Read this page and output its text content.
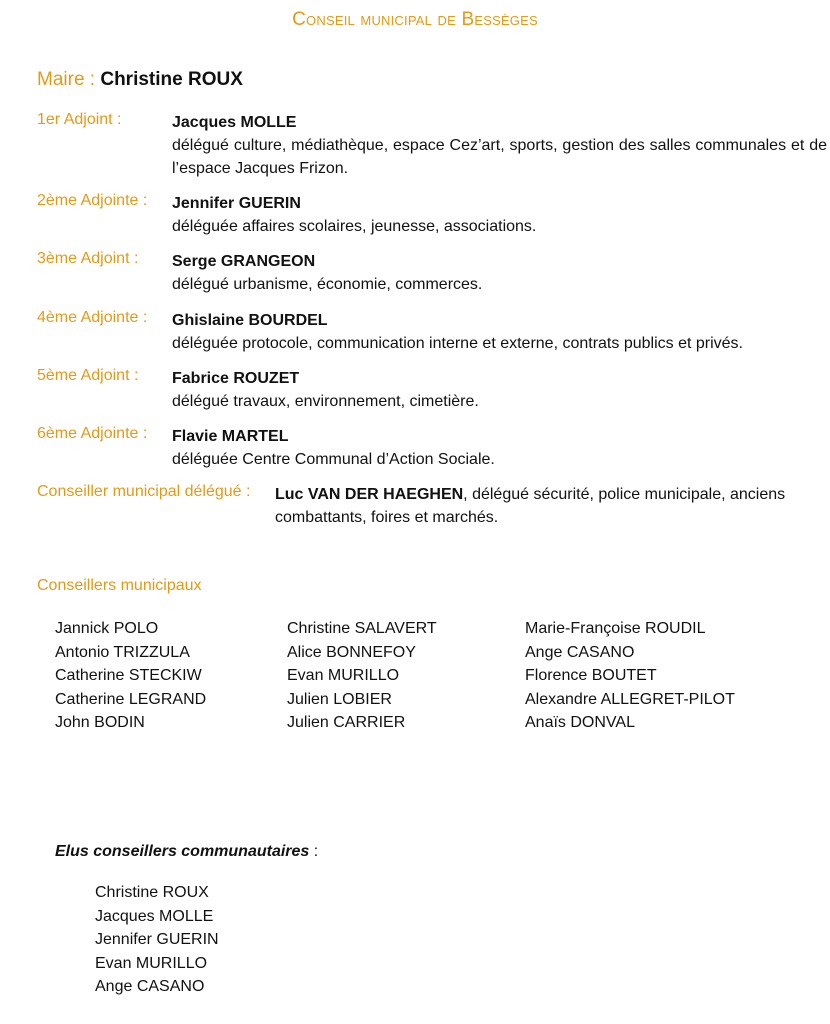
Conseil municipal de Bessèges
Maire : Christine ROUX
1er Adjoint :	Jacques MOLLE
délégué culture, médiathèque, espace Cez’art, sports, gestion des salles communales et de l’espace Jacques Frizon.
2ème Adjointe : Jennifer GUERIN
déléguée affaires scolaires, jeunesse, associations.
3ème Adjoint : Serge GRANGEON
délégué urbanisme, économie, commerces.
4ème Adjointe : Ghislaine BOURDEL
déléguée protocole, communication interne et externe, contrats publics et privés.
5ème Adjoint : Fabrice ROUZET
délégué travaux, environnement, cimetière.
6ème Adjointe : Flavie MARTEL
déléguée Centre Communal d’Action Sociale.
Conseiller municipal délégué : Luc VAN DER HAEGHEN, délégué sécurité, police municipale, anciens combattants, foires et marchés.
Conseillers municipaux
Jannick POLO
Antonio TRIZZULA
Catherine STECKIW
Catherine LEGRAND
John BODIN
Christine SALAVERT
Alice BONNEFOY
Evan MURILLO
Julien LOBIER
Julien CARRIER
Marie-Françoise ROUDIL
Ange CASANO
Florence BOUTET
Alexandre ALLEGRET-PILOT
Anaïs DONVAL
Elus conseillers communautaires :
Christine ROUX
Jacques MOLLE
Jennifer GUERIN
Evan MURILLO
Ange CASANO
